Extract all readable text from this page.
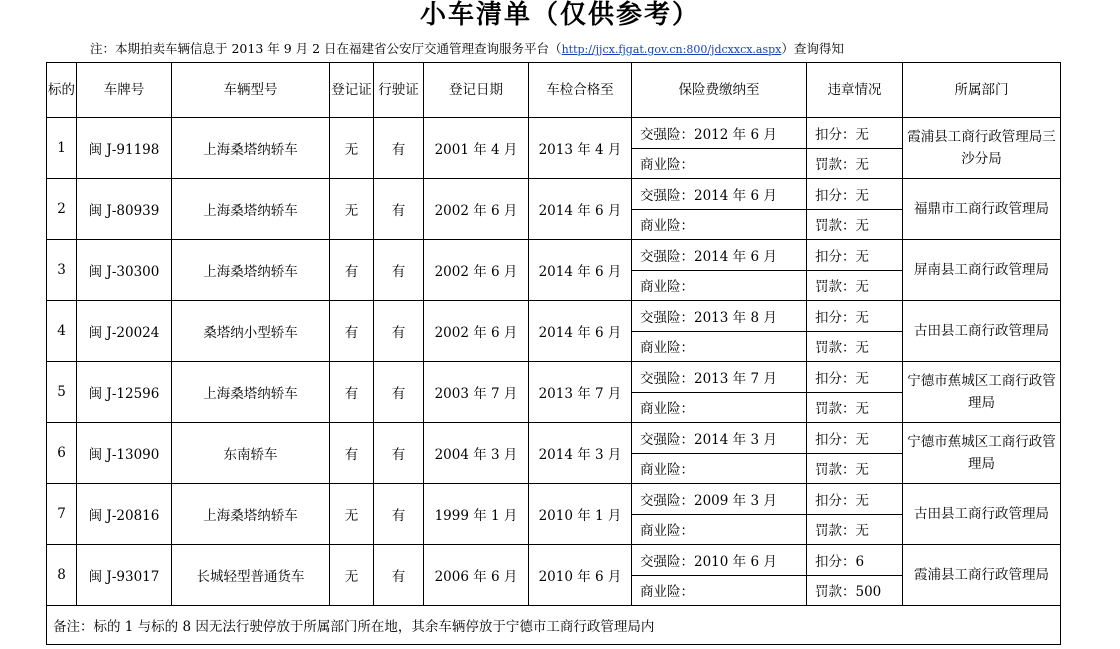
小车清单（仅供参考）
注：本期拍卖车辆信息于 2013 年 9 月 2 日在福建省公安厅交通管理查询服务平台（http://jjcx.fjgat.gov.cn:800/jdcxxcx.aspx）查询得知
标的	车牌号	车辆型号	登记证	行驶证	登记日期	车检合格至	保险费缴纳至	违章情况	所属部门
1	闽 J-91198	上海桑塔纳轿车	无	有	2001 年 4 月	2013 年 4 月	交强险：2012 年 6 月	扣分：无	霞浦县工商行政管理局三沙分局
							商业险：	罚款：无	
2	闽 J-80939	上海桑塔纳轿车	无	有	2002 年 6 月	2014 年 6 月	交强险：2014 年 6 月	扣分：无	福鼎市工商行政管理局
							商业险：	罚款：无	
3	闽 J-30300	上海桑塔纳轿车	有	有	2002 年 6 月	2014 年 6 月	交强险：2014 年 6 月	扣分：无	屏南县工商行政管理局
							商业险：	罚款：无	
4	闽 J-20024	桑塔纳小型轿车	有	有	2002 年 6 月	2014 年 6 月	交强险：2013 年 8 月	扣分：无	古田县工商行政管理局
							商业险：	罚款：无	
5	闽 J-12596	上海桑塔纳轿车	有	有	2003 年 7 月	2013 年 7 月	交强险：2013 年 7 月	扣分：无	宁德市蕉城区工商行政管理局
							商业险：	罚款：无	
6	闽 J-13090	东南轿车	有	有	2004 年 3 月	2014 年 3 月	交强险：2014 年 3 月	扣分：无	宁德市蕉城区工商行政管理局
							商业险：	罚款：无	
7	闽 J-20816	上海桑塔纳轿车	无	有	1999 年 1 月	2010 年 1 月	交强险：2009 年 3 月	扣分：无	古田县工商行政管理局
							商业险：	罚款：无	
8	闽 J-93017	长城轻型普通货车	无	有	2006 年 6 月	2010 年 6 月	交强险：2010 年 6 月	扣分：6	霞浦县工商行政管理局
							商业险：	罚款：500	
备注：标的 1 与标的 8 因无法行驶停放于所属部门所在地，其余车辆停放于宁德市工商行政管理局内									
